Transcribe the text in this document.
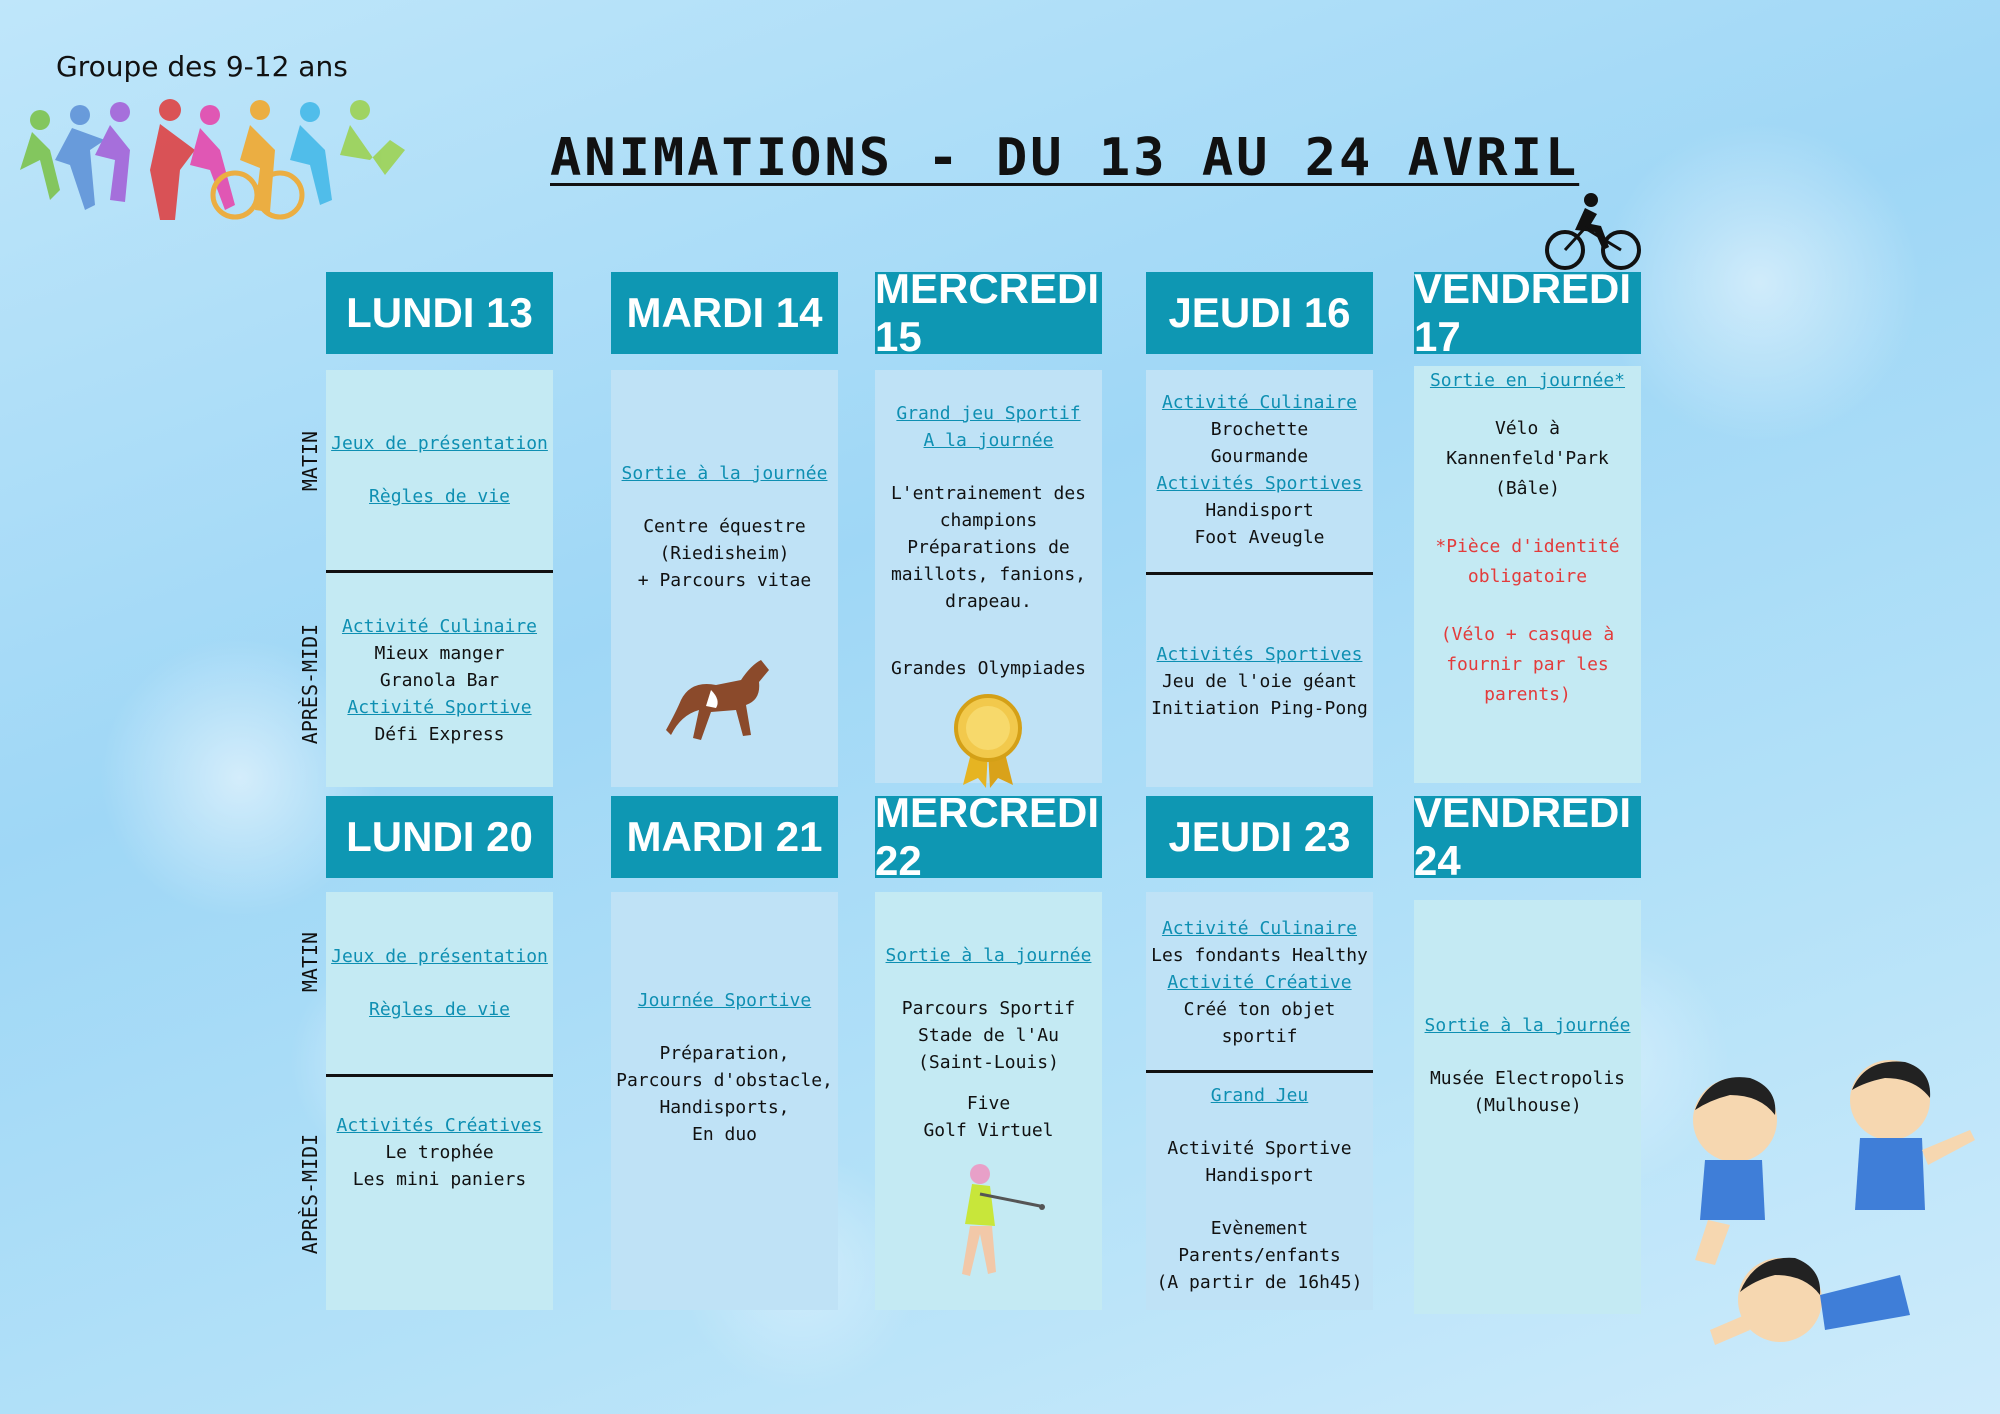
Groupe des 9-12 ans
ANIMATIONS - DU 13 AU 24 AVRIL
MATIN
APRÈS-MIDI
MATIN
APRÈS-MIDI
LUNDI 13	MARDI 14
MERCREDI 15
JEUDI 16
VENDREDI 17
Jeux de présentation
Règles de vie
Activité Culinaire
Mieux manger
Granola Bar
Activité Sportive
Défi Express
Sortie à la journée
Centre équestre
(Riedisheim)
+ Parcours vitae
Grand jeu Sportif
A la journée
L'entrainement des
champions
Préparations de
maillots, fanions,
drapeau.
Grandes Olympiades
Activité Culinaire
Brochette
Gourmande
Activités Sportives
Handisport
Foot Aveugle
Activités Sportives
Jeu de l'oie géant
Initiation Ping-Pong
Sortie en journée*
Vélo à
Kannenfeld'Park
(Bâle)
*Pièce d'identité
obligatoire
(Vélo + casque à
fournir par les
parents)
LUNDI 20	MARDI 21
MERCREDI 22
JEUDI 23
VENDREDI 24
Jeux de présentation
Règles de vie
Activités Créatives
Le trophée
Les mini paniers
Journée Sportive
Préparation,
Parcours d'obstacle,
Handisports,
En duo
Sortie à la journée
Parcours Sportif
Stade de l'Au
(Saint-Louis)
Five
Golf Virtuel
Activité Culinaire
Les fondants Healthy
Activité Créative
Créé ton objet
sportif
Grand Jeu
Activité Sportive
Handisport
Evènement
Parents/enfants
(A partir de 16h45)
Sortie à la journée
Musée Electropolis
(Mulhouse)
